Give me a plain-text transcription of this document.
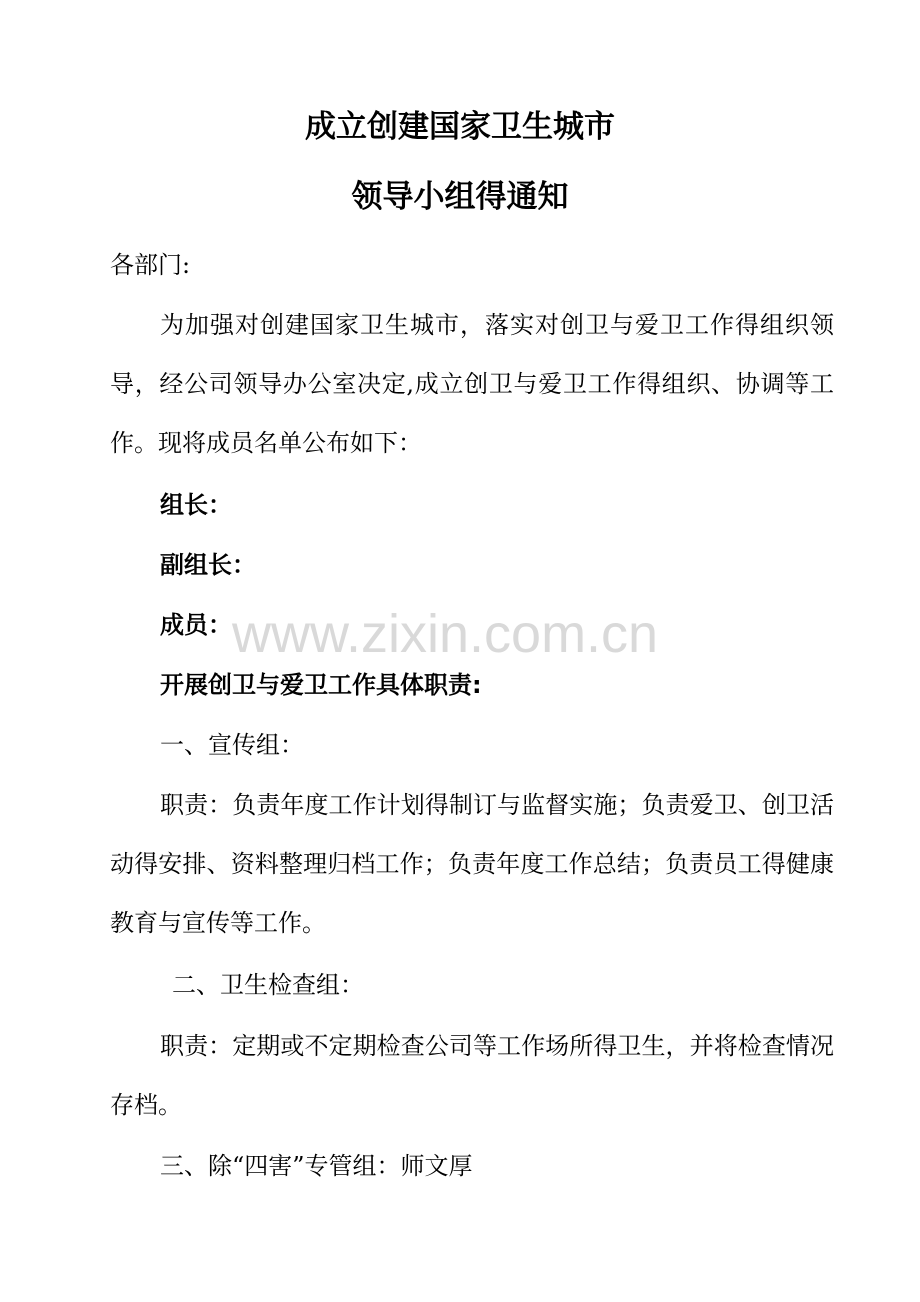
成立创建国家卫生城市
领导小组得通知

各部门:

为加强对创建国家卫生城市，落实对创卫与爱卫工作得组织领导，经公司领导办公室决定,成立创卫与爱卫工作得组织、协调等工作。现将成员名单公布如下：

组长：

副组长：

成员：

开展创卫与爱卫工作具体职责:

一、宣传组：

职责：负责年度工作计划得制订与监督实施；负责爱卫、创卫活动得安排、资料整理归档工作；负责年度工作总结；负责员工得健康教育与宣传等工作。

二、卫生检查组：

职责：定期或不定期检查公司等工作场所得卫生，并将检查情况存档。

三、除“四害”专管组：师文厚

www.zixin.com.cn
